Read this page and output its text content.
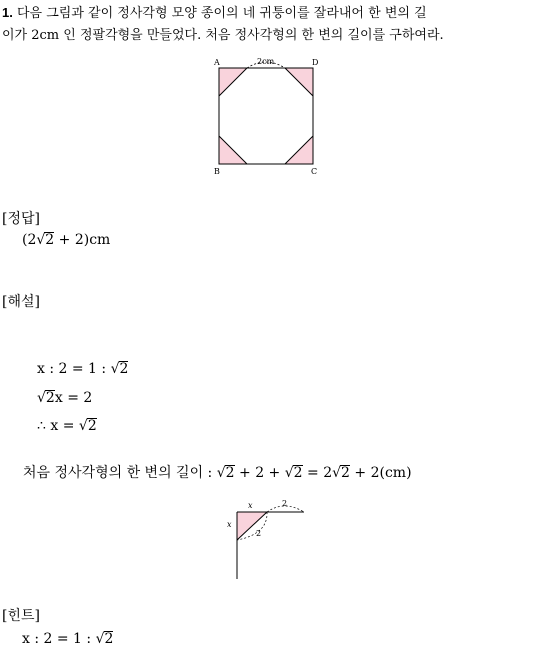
1. 다음 그림과 같이 정사각형 모양 종이의 네 귀퉁이를 잘라내어 한 변의 길
이가 2cm 인 정팔각형을 만들었다. 처음 정사각형의 한 변의 길이를 구하여라.
2cm
A	D
B	C
[정답]
(2√2 + 2)cm
[해설]
x : 2 = 1 : √2
√2x = 2
∴ x = √2
처음 정사각형의 한 변의 길이 : √2 + 2 + √2 = 2√2 + 2(cm)
x
x
2
2
[힌트]
x : 2 = 1 : √2
